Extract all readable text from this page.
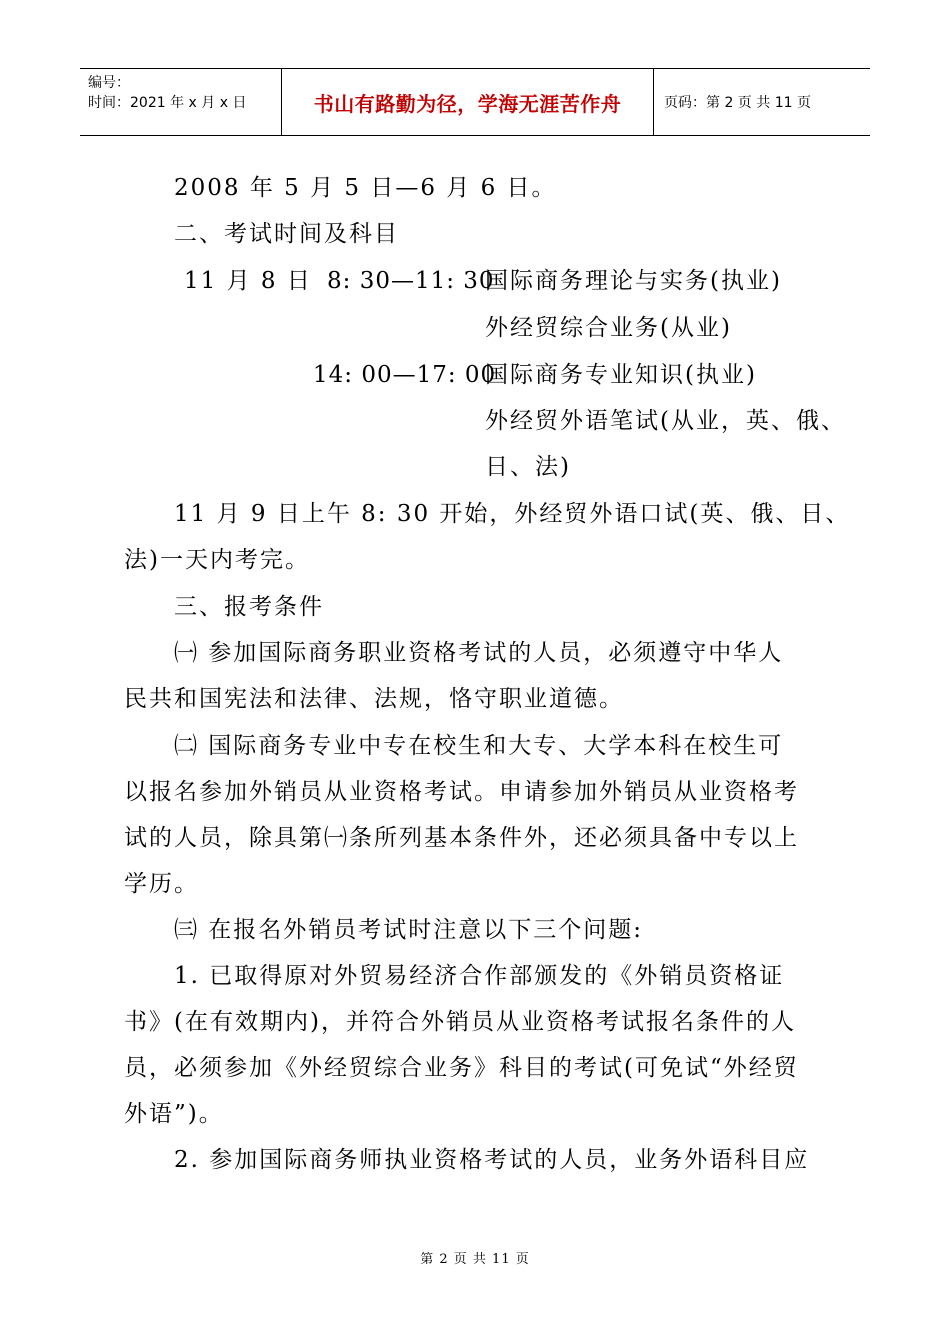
编号：
时间：2021 年 x 月 x 日	书山有路勤为径，学海无涯苦作舟	页码：第 2 页 共 11 页
2008 年 5 月 5 日—6 月 6 日。
二、考试时间及科目
11 月 8 日 8: 30—11: 30
国际商务理论与实务(执业)
外经贸综合业务(从业)
14: 00—17: 00
国际商务专业知识(执业)
外经贸外语笔试(从业，英、俄、
日、法)
11 月 9 日上午 8: 30 开始，外经贸外语口试(英、俄、日、
法)一天内考完。
三、报考条件
㈠ 参加国际商务职业资格考试的人员，必须遵守中华人
民共和国宪法和法律、法规，恪守职业道德。
㈡ 国际商务专业中专在校生和大专、大学本科在校生可
以报名参加外销员从业资格考试。申请参加外销员从业资格考
试的人员，除具第㈠条所列基本条件外，还必须具备中专以上
学历。
㈢ 在报名外销员考试时注意以下三个问题:
1. 已取得原对外贸易经济合作部颁发的《外销员资格证
书》(在有效期内)，并符合外销员从业资格考试报名条件的人
员，必须参加《外经贸综合业务》科目的考试(可免试“外经贸
外语”)。
2. 参加国际商务师执业资格考试的人员，业务外语科目应
第 2 页 共 11 页
